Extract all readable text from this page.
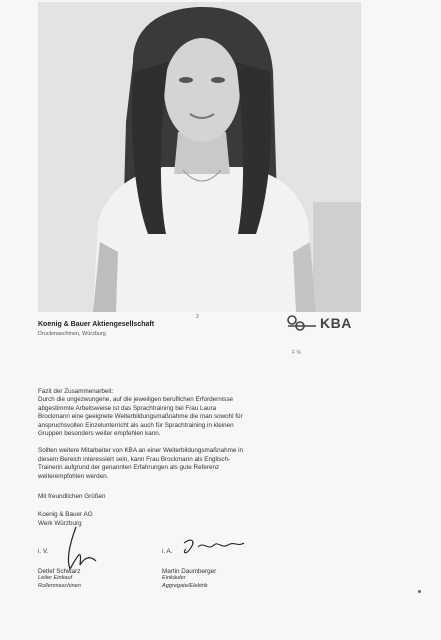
2
Koenig & Bauer Aktiengesellschaft
Druckmaschinen, Würzburg
KBA
F %

Fazit der Zusammenarbeit:

Durch die ungezwungene, auf die jeweiligen beruflichen Erfordernisse

abgestimmte Arbeitsweise ist das Sprachtraining bei Frau Laura

Brockmann eine geeignete Weiterbildungsmaßnahme die man sowohl für

anspruchsvollen Einzelunterricht als auch für Sprachtraining in kleinen

Gruppen besonders weiter empfehlen kann.

Sollten weitere Mitarbeiter von KBA an einer Weiterbildungsmaßnahme in

diesem Bereich interessiert sein, kann Frau Brockmann als Englisch-

Trainerin aufgrund der genannten Erfahrungen als gute Referenz

weiterempfohlen werden.

Mit freundlichen Grüßen
Koenig & Bauer AG
Werk Würzburg
i. V.
Detlef Schwarz
Leiter Einkauf
Rollenmaschinen
i. A.
Martin Daumberger
Einkäufer
Aggregate/Elektrik
